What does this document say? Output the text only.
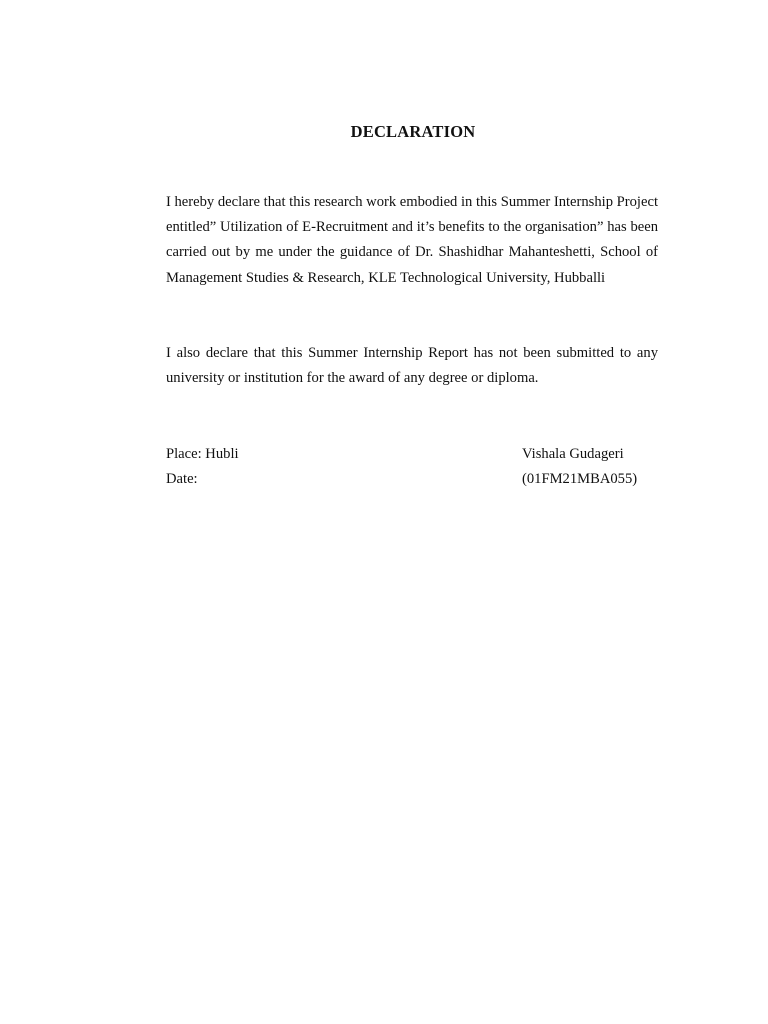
DECLARATION

I hereby declare that this research work embodied in this Summer Internship Project entitled” Utilization of E-Recruitment and it’s benefits to the organisation” has been carried out by me under the guidance of Dr. Shashidhar Mahanteshetti, School of Management Studies & Research, KLE Technological University, Hubballi

I also declare that this Summer Internship Report has not been submitted to any university or institution for the award of any degree or diploma.

Place: Hubli	Vishala Gudageri

Date:	(01FM21MBA055)
